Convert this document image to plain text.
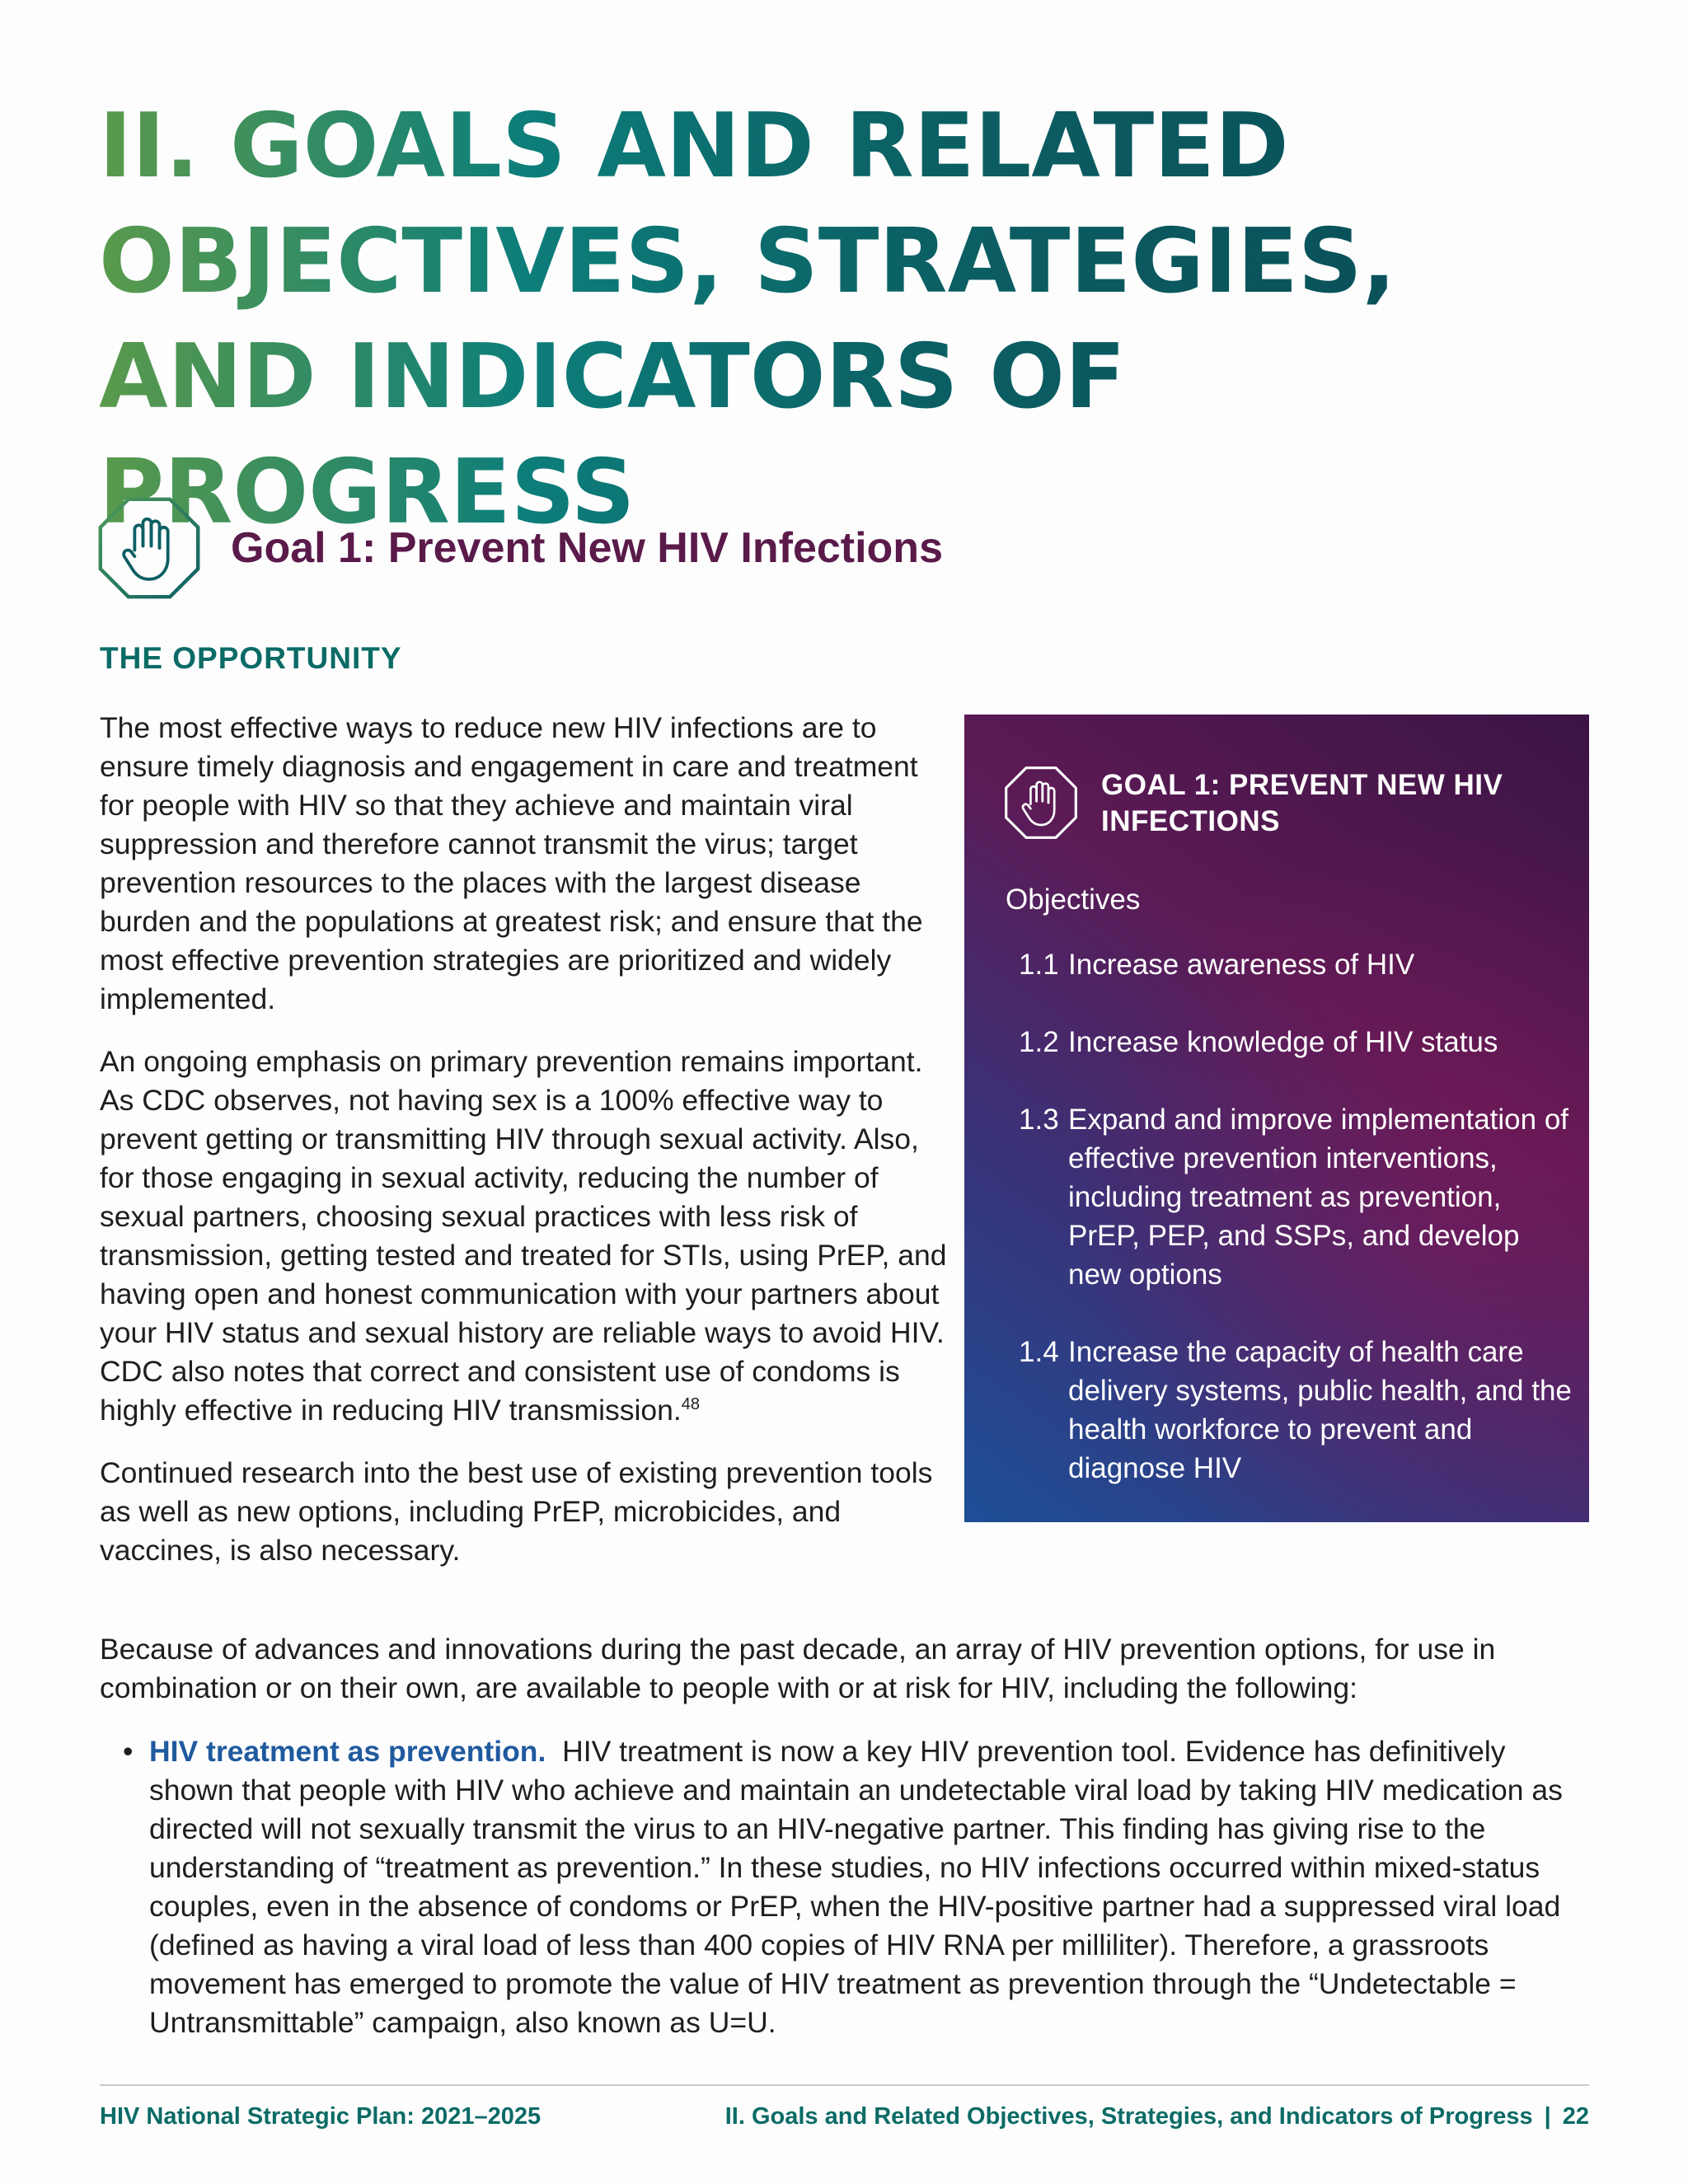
II. GOALS AND RELATED OBJECTIVES, STRATEGIES, AND INDICATORS OF PROGRESS
Goal 1: Prevent New HIV Infections
THE OPPORTUNITY

The most effective ways to reduce new HIV infections are to ensure timely diagnosis and engagement in care and treatment for people with HIV so that they achieve and maintain viral suppression and therefore cannot transmit the virus; target prevention resources to the places with the largest disease burden and the populations at greatest risk; and ensure that the most effective prevention strategies are prioritized and widely implemented.

An ongoing emphasis on primary prevention remains important. As CDC observes, not having sex is a 100% effective way to prevent getting or transmitting HIV through sexual activity. Also, for those engaging in sexual activity, reducing the number of sexual partners, choosing sexual practices with less risk of transmission, getting tested and treated for STIs, using PrEP, and having open and honest communication with your partners about your HIV status and sexual history are reliable ways to avoid HIV. CDC also notes that correct and consistent use of condoms is highly effective in reducing HIV transmission.$^{48}$

Continued research into the best use of existing prevention tools as well as new options, including PrEP, microbicides, and vaccines, is also necessary.

Because of advances and innovations during the past decade, an array of HIV prevention options, for use in combination or on their own, are available to people with or at risk for HIV, including the following:

• HIV treatment as prevention. HIV treatment is now a key HIV prevention tool. Evidence has definitively shown that people with HIV who achieve and maintain an undetectable viral load by taking HIV medication as directed will not sexually transmit the virus to an HIV-negative partner. This finding has giving rise to the understanding of “treatment as prevention.” In these studies, no HIV infections occurred within mixed-status couples, even in the absence of condoms or PrEP, when the HIV-positive partner had a suppressed viral load (defined as having a viral load of less than 400 copies of HIV RNA per milliliter). Therefore, a grassroots movement has emerged to promote the value of HIV treatment as prevention through the “Undetectable = Untransmittable” campaign, also known as U=U.
GOAL 1: PREVENT NEW HIV INFECTIONS

Objectives

1.1 Increase awareness of HIV
1.2 Increase knowledge of HIV status
1.3 Expand and improve implementation of effective prevention interventions, including treatment as prevention, PrEP, PEP, and SSPs, and develop new options
1.4 Increase the capacity of health care delivery systems, public health, and the health workforce to prevent and diagnose HIV
HIV National Strategic Plan: 2021–2025	II. Goals and Related Objectives, Strategies, and Indicators of Progress | 22
